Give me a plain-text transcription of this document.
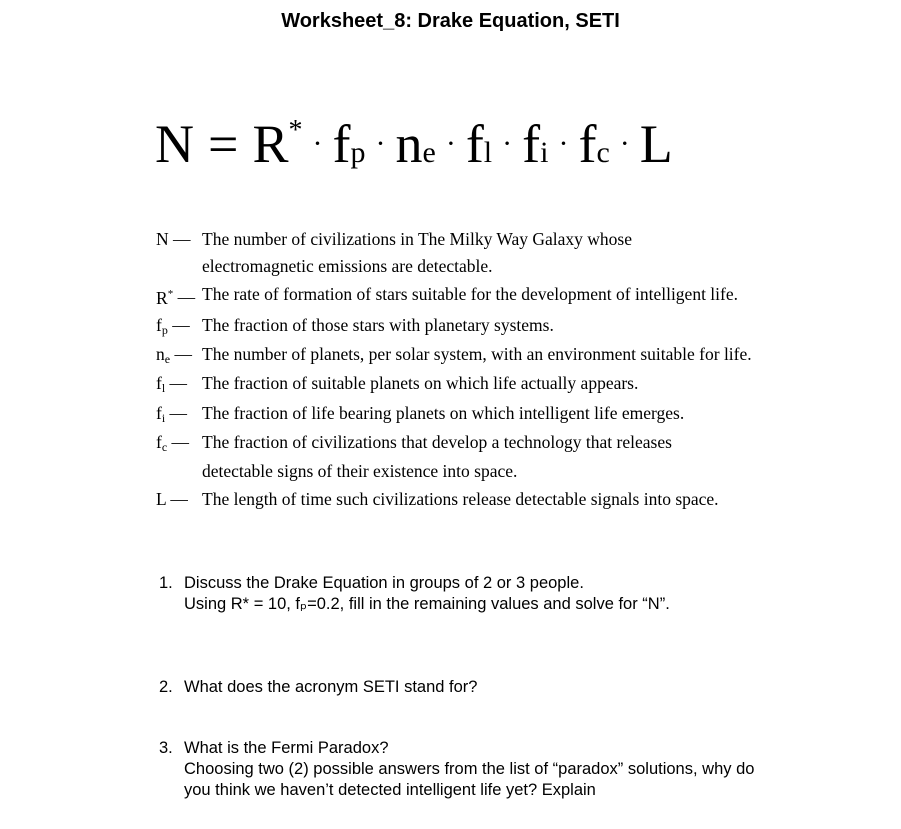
Worksheet_8: Drake Equation, SETI
N = R* · fp · ne · fl · fi · fc · L
N — The number of civilizations in The Milky Way Galaxy whose
electromagnetic emissions are detectable.
R* — The rate of formation of stars suitable for the development of intelligent life.
fp — The fraction of those stars with planetary systems.
ne — The number of planets, per solar system, with an environment suitable for life.
fl — The fraction of suitable planets on which life actually appears.
fi — The fraction of life bearing planets on which intelligent life emerges.
fc — The fraction of civilizations that develop a technology that releases
detectable signs of their existence into space.
L — The length of time such civilizations release detectable signals into space.
1. Discuss the Drake Equation in groups of 2 or 3 people.
Using R* = 10, fₚ=0.2, fill in the remaining values and solve for “N”.
2. What does the acronym SETI stand for?
3. What is the Fermi Paradox?
Choosing two (2) possible answers from the list of “paradox” solutions, why do
you think we haven’t detected intelligent life yet? Explain
